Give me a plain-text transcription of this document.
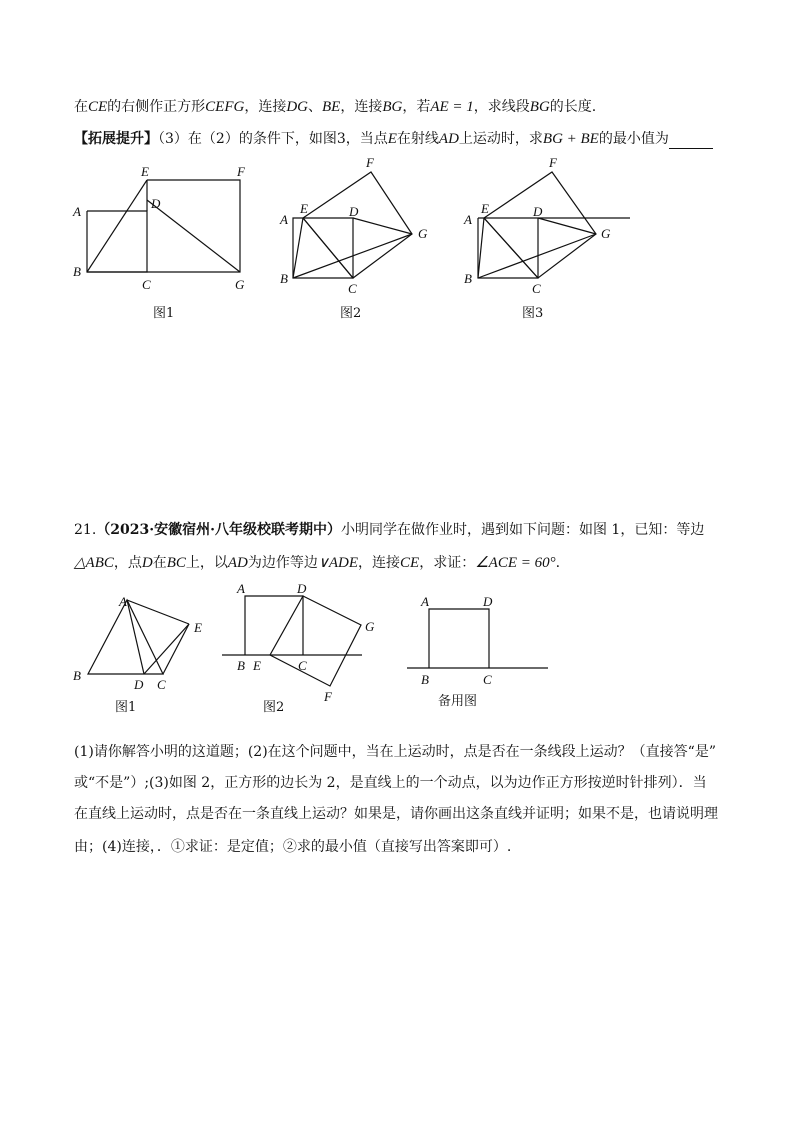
在CE的右侧作正方形CEFG，连接DG、BE，连接BG，若AE = 1，求线段BG的长度.
【拓展提升】（3）在（2）的条件下，如图3，当点E在射线AD上运动时，求BG + BE的最小值为
A
E	F
D
B
C	G
图1
F
A
E	D
G
B
C
图2
F
A
E	D
G
B
C
图3
21.（2023·安徽宿州·八年级校联考期中）小明同学在做作业时，遇到如下问题：如图 1，已知：等边
△ABC，点D在BC上，以AD为边作等边∨ADE，连接CE，求证：∠ACE = 60°.
A
E
B
D C
图1
A	D
G
B E	C
F
图2
A	D
B	C
备用图
(1)请你解答小明的这道题；(2)在这个问题中，当在上运动时，点是否在一条线段上运动？（直接答“是”
或“不是”）;(3)如图 2，正方形的边长为 2，是直线上的一个动点，以为边作正方形按逆时针排列）．当
在直线上运动时，点是否在一条直线上运动？如果是，请你画出这条直线并证明；如果不是，也请说明理
由；(4)连接，．①求证：是定值；②求的最小值（直接写出答案即可）.
